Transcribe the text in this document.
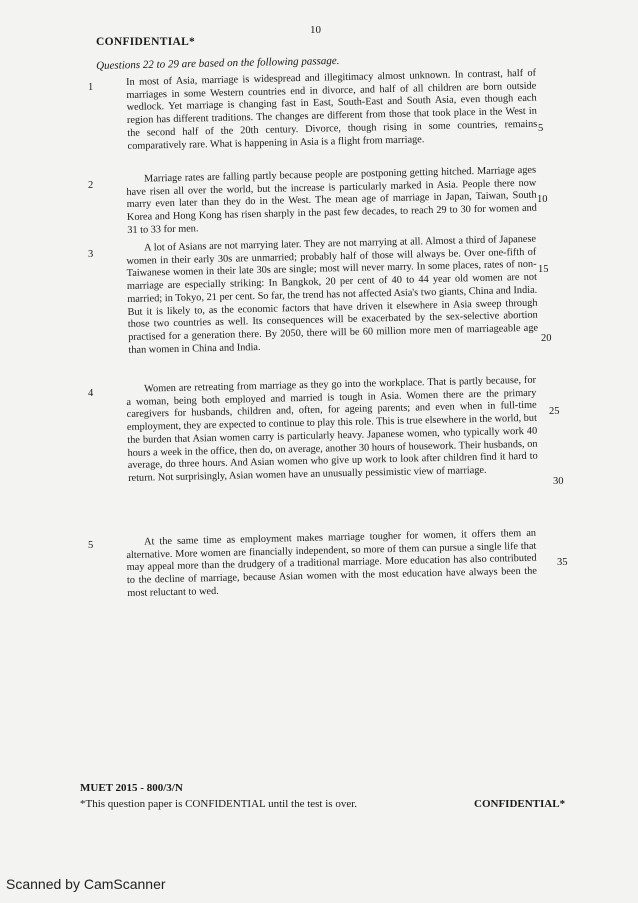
10
CONFIDENTIAL*
Questions 22 to 29 are based on the following passage.
1
2
3
4
5
In most of Asia, marriage is widespread and illegitimacy almost unknown. In contrast, half of marriages in some Western countries end in divorce, and half of all children are born outside wedlock. Yet marriage is changing fast in East, South-East and South Asia, even though each region has different traditions. The changes are different from those that took place in the West in the second half of the 20th century. Divorce, though rising in some countries, remains comparatively rare. What is happening in Asia is a flight from marriage.
Marriage rates are falling partly because people are postponing getting hitched. Marriage ages have risen all over the world, but the increase is particularly marked in Asia. People there now marry even later than they do in the West. The mean age of marriage in Japan, Taiwan, South Korea and Hong Kong has risen sharply in the past few decades, to reach 29 to 30 for women and 31 to 33 for men.
A lot of Asians are not marrying later. They are not marrying at all. Almost a third of Japanese women in their early 30s are unmarried; probably half of those will always be. Over one-fifth of Taiwanese women in their late 30s are single; most will never marry. In some places, rates of non-marriage are especially striking: In Bangkok, 20 per cent of 40 to 44 year old women are not married; in Tokyo, 21 per cent. So far, the trend has not affected Asia's two giants, China and India. But it is likely to, as the economic factors that have driven it elsewhere in Asia sweep through those two countries as well. Its consequences will be exacerbated by the sex-selective abortion practised for a generation there. By 2050, there will be 60 million more men of marriageable age than women in China and India.
Women are retreating from marriage as they go into the workplace. That is partly because, for a woman, being both employed and married is tough in Asia. Women there are the primary caregivers for husbands, children and, often, for ageing parents; and even when in full-time employment, they are expected to continue to play this role. This is true elsewhere in the world, but the burden that Asian women carry is particularly heavy. Japanese women, who typically work 40 hours a week in the office, then do, on average, another 30 hours of housework. Their husbands, on average, do three hours. And Asian women who give up work to look after children find it hard to return. Not surprisingly, Asian women have an unusually pessimistic view of marriage.
At the same time as employment makes marriage tougher for women, it offers them an alternative. More women are financially independent, so more of them can pursue a single life that may appeal more than the drudgery of a traditional marriage. More education has also contributed to the decline of marriage, because Asian women with the most education have always been the most reluctant to wed.
5
10
15
20
25
30
35
MUET 2015 - 800/3/N
*This question paper is CONFIDENTIAL until the test is over.	CONFIDENTIAL*
Scanned by CamScanner
